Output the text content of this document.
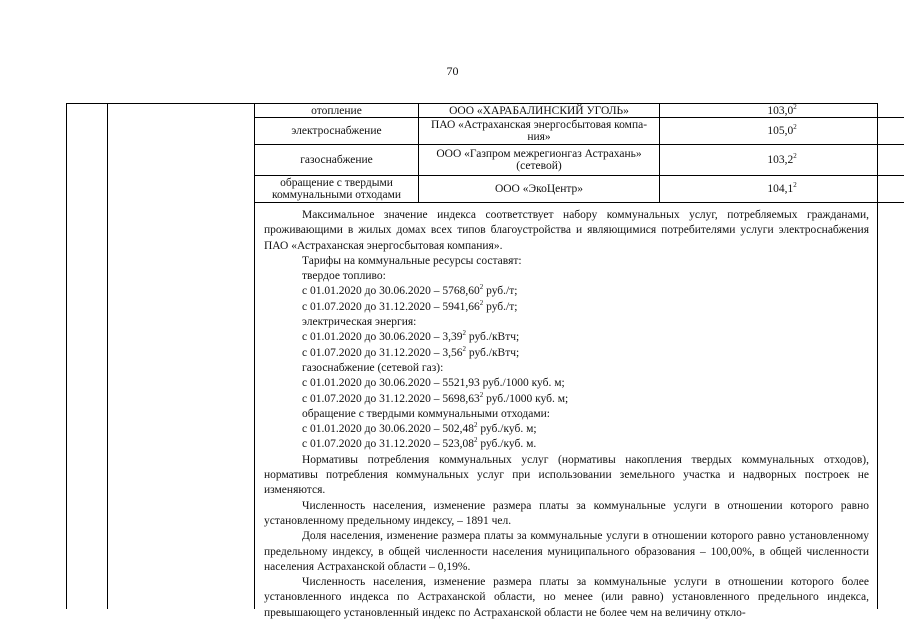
70
отопление	ООО «ХАРАБАЛИНСКИЙ УГОЛЬ»	103,0$^2$
электроснабжение	ПАО «Астраханская энергосбытовая компа-ния»	105,0$^2$
газоснабжение	ООО «Газпром межрегионгаз Астрахань» (сетевой)	103,2$^2$
обращение с твердыми коммунальными отходами	ООО «ЭкоЦентр»	104,1$^2$

Максимальное значение индекса соответствует набору коммунальных услуг, потребляемых гражданами, проживающими в жилых домах всех типов благоустройства и являющимися потребителями услуги электроснабжения ПАО «Астраханская энергосбытовая компания».

Тарифы на коммунальные ресурсы составят:

твердое топливо:

с 01.01.2020 до 30.06.2020 – 5768,60$^2$ руб./т;

с 01.07.2020 до 31.12.2020 – 5941,66$^2$ руб./т;

электрическая энергия:

с 01.01.2020 до 30.06.2020 – 3,39$^2$ руб./кВтч;

с 01.07.2020 до 31.12.2020 – 3,56$^2$ руб./кВтч;

газоснабжение (сетевой газ):

с 01.01.2020 до 30.06.2020 – 5521,93 руб./1000 куб. м;

с 01.07.2020 до 31.12.2020 – 5698,63$^2$ руб./1000 куб. м;

обращение с твердыми коммунальными отходами:

с 01.01.2020 до 30.06.2020 – 502,48$^2$ руб./куб. м;

с 01.07.2020 до 31.12.2020 – 523,08$^2$ руб./куб. м.

Нормативы потребления коммунальных услуг (нормативы накопления твердых коммунальных отходов), нормативы потребления коммунальных услуг при использовании земельного участка и надворных построек не изменяются.

Численность населения, изменение размера платы за коммунальные услуги в отношении которого равно установленному предельному индексу, – 1891 чел.

Доля населения, изменение размера платы за коммунальные услуги в отношении которого равно установленному предельному индексу, в общей численности населения муниципального образования – 100,00%, в общей численности населения Астраханской области – 0,19%.

Численность населения, изменение размера платы за коммунальные услуги в отношении которого более установленного индекса по Астраханской области, но менее (или равно) установленного предельного индекса, превышающего установленный индекс по Астраханской области не более чем на величину откло-
